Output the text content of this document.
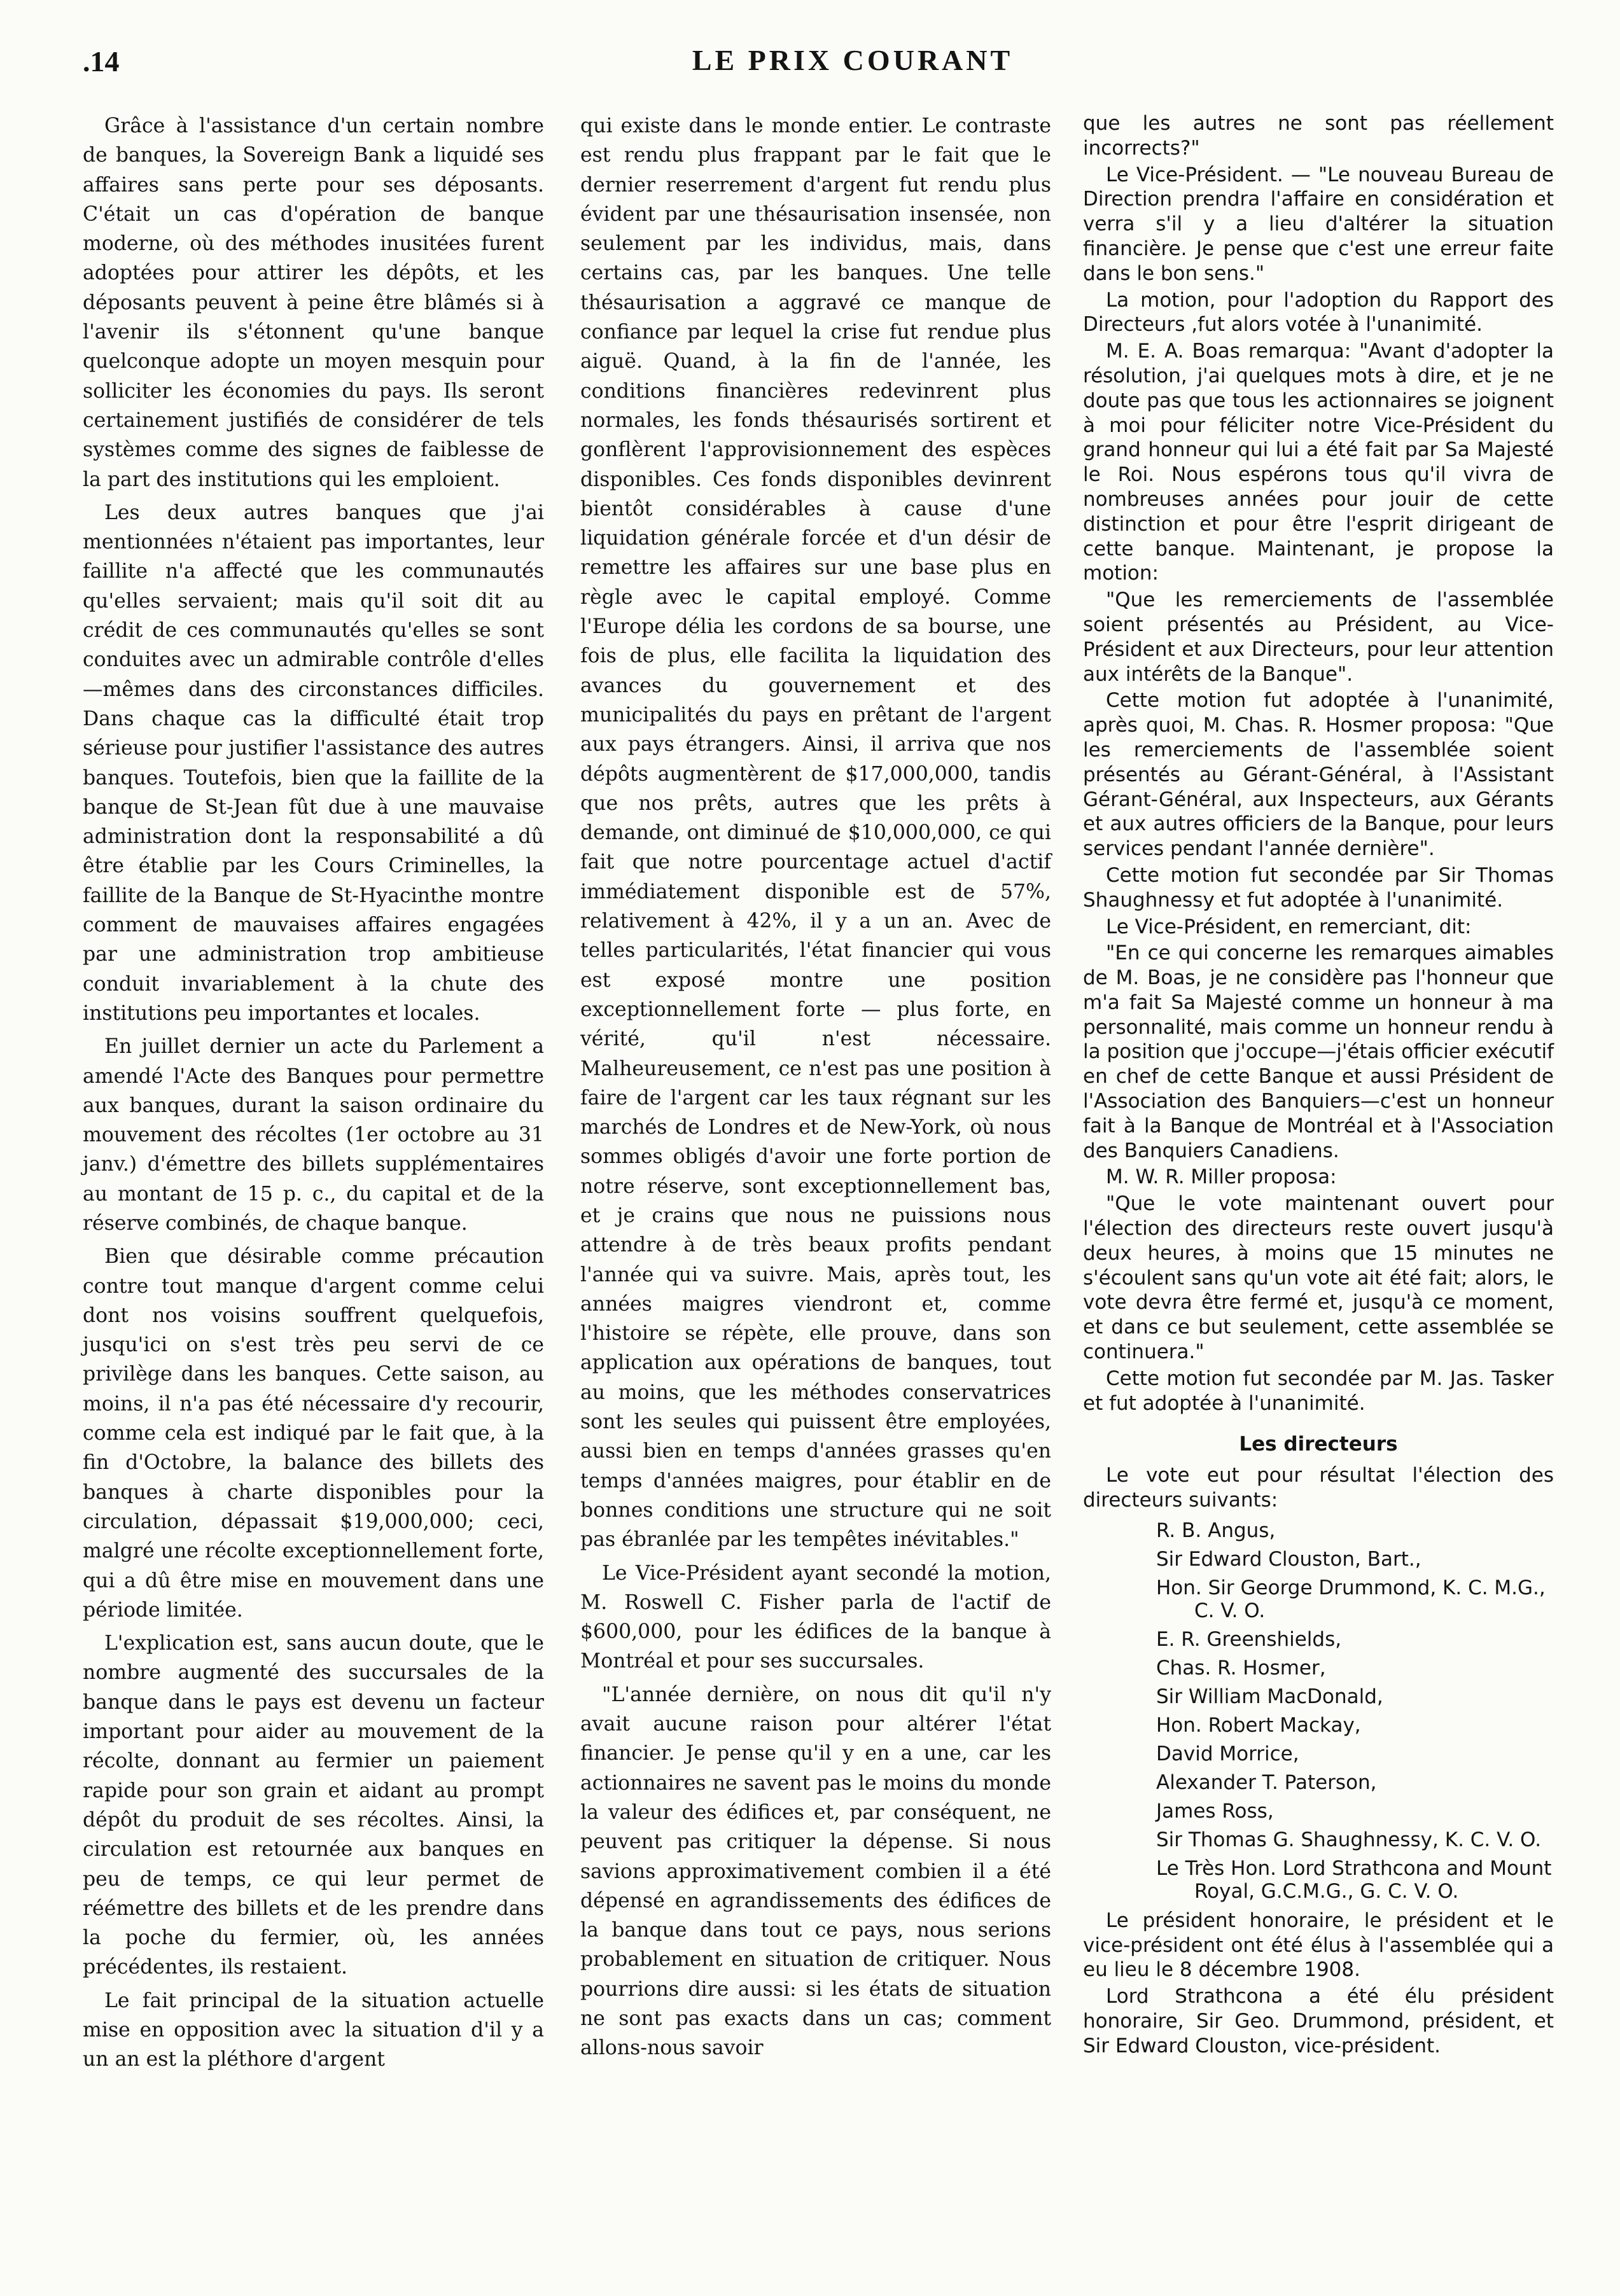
.14	LE PRIX COURANT

Grâce à l'assistance d'un certain nombre de banques, la Sovereign Bank a liquidé ses affaires sans perte pour ses déposants. C'était un cas d'opération de banque moderne, où des méthodes inusitées furent adoptées pour attirer les dépôts, et les déposants peuvent à peine être blâmés si à l'avenir ils s'étonnent qu'une banque quelconque adopte un moyen mesquin pour solliciter les économies du pays. Ils seront certainement justifiés de considérer de tels systèmes comme des signes de faiblesse de la part des institutions qui les emploient.

Les deux autres banques que j'ai mentionnées n'étaient pas importantes, leur faillite n'a affecté que les communautés qu'elles servaient; mais qu'il soit dit au crédit de ces communautés qu'elles se sont conduites avec un admirable contrôle d'elles—mêmes dans des circonstances difficiles. Dans chaque cas la difficulté était trop sérieuse pour justifier l'assistance des autres banques. Toutefois, bien que la faillite de la banque de St-Jean fût due à une mauvaise administration dont la responsabilité a dû être établie par les Cours Criminelles, la faillite de la Banque de St-Hyacinthe montre comment de mauvaises affaires engagées par une administration trop ambitieuse conduit invariablement à la chute des institutions peu importantes et locales.

En juillet dernier un acte du Parlement a amendé l'Acte des Banques pour permettre aux banques, durant la saison ordinaire du mouvement des récoltes (1er octobre au 31 janv.) d'émettre des billets supplémentaires au montant de 15 p. c., du capital et de la réserve combinés, de chaque banque.

Bien que désirable comme précaution contre tout manque d'argent comme celui dont nos voisins souffrent quelquefois, jusqu'ici on s'est très peu servi de ce privilège dans les banques. Cette saison, au moins, il n'a pas été nécessaire d'y recourir, comme cela est indiqué par le fait que, à la fin d'Octobre, la balance des billets des banques à charte disponibles pour la circulation, dépassait $19,000,000; ceci, malgré une récolte exceptionnellement forte, qui a dû être mise en mouvement dans une période limitée.

L'explication est, sans aucun doute, que le nombre augmenté des succursales de la banque dans le pays est devenu un facteur important pour aider au mouvement de la récolte, donnant au fermier un paiement rapide pour son grain et aidant au prompt dépôt du produit de ses récoltes. Ainsi, la circulation est retournée aux banques en peu de temps, ce qui leur permet de réémettre des billets et de les prendre dans la poche du fermier, où, les années précédentes, ils restaient.

Le fait principal de la situation actuelle mise en opposition avec la situation d'il y a un an est la pléthore d'argent

qui existe dans le monde entier. Le contraste est rendu plus frappant par le fait que le dernier reserrement d'argent fut rendu plus évident par une thésaurisation insensée, non seulement par les individus, mais, dans certains cas, par les banques. Une telle thésaurisation a aggravé ce manque de confiance par lequel la crise fut rendue plus aiguë. Quand, à la fin de l'année, les conditions financières redevinrent plus normales, les fonds thésaurisés sortirent et gonflèrent l'approvisionnement des espèces disponibles. Ces fonds disponibles devinrent bientôt considérables à cause d'une liquidation générale forcée et d'un désir de remettre les affaires sur une base plus en règle avec le capital employé. Comme l'Europe délia les cordons de sa bourse, une fois de plus, elle facilita la liquidation des avances du gouvernement et des municipalités du pays en prêtant de l'argent aux pays étrangers. Ainsi, il arriva que nos dépôts augmentèrent de $17,000,000, tandis que nos prêts, autres que les prêts à demande, ont diminué de $10,000,000, ce qui fait que notre pourcentage actuel d'actif immédiatement disponible est de 57%, relativement à 42%, il y a un an. Avec de telles particularités, l'état financier qui vous est exposé montre une position exceptionnellement forte — plus forte, en vérité, qu'il n'est nécessaire. Malheureusement, ce n'est pas une position à faire de l'argent car les taux régnant sur les marchés de Londres et de New-York, où nous sommes obligés d'avoir une forte portion de notre réserve, sont exceptionnellement bas, et je crains que nous ne puissions nous attendre à de très beaux profits pendant l'année qui va suivre. Mais, après tout, les années maigres viendront et, comme l'histoire se répète, elle prouve, dans son application aux opérations de banques, tout au moins, que les méthodes conservatrices sont les seules qui puissent être employées, aussi bien en temps d'années grasses qu'en temps d'années maigres, pour établir en de bonnes conditions une structure qui ne soit pas ébranlée par les tempêtes inévitables."

Le Vice-Président ayant secondé la motion, M. Roswell C. Fisher parla de l'actif de $600,000, pour les édifices de la banque à Montréal et pour ses succursales.

"L'année dernière, on nous dit qu'il n'y avait aucune raison pour altérer l'état financier. Je pense qu'il y en a une, car les actionnaires ne savent pas le moins du monde la valeur des édifices et, par conséquent, ne peuvent pas critiquer la dépense. Si nous savions approximativement combien il a été dépensé en agrandissements des édifices de la banque dans tout ce pays, nous serions probablement en situation de critiquer. Nous pourrions dire aussi: si les états de situation ne sont pas exacts dans un cas; comment allons-nous savoir

que les autres ne sont pas réellement incorrects?"

Le Vice-Président. — "Le nouveau Bureau de Direction prendra l'affaire en considération et verra s'il y a lieu d'altérer la situation financière. Je pense que c'est une erreur faite dans le bon sens."

La motion, pour l'adoption du Rapport des Directeurs ,fut alors votée à l'unanimité.

M. E. A. Boas remarqua: "Avant d'adopter la résolution, j'ai quelques mots à dire, et je ne doute pas que tous les actionnaires se joignent à moi pour féliciter notre Vice-Président du grand honneur qui lui a été fait par Sa Majesté le Roi. Nous espérons tous qu'il vivra de nombreuses années pour jouir de cette distinction et pour être l'esprit dirigeant de cette banque. Maintenant, je propose la motion:

"Que les remerciements de l'assemblée soient présentés au Président, au Vice-Président et aux Directeurs, pour leur attention aux intérêts de la Banque".

Cette motion fut adoptée à l'unanimité, après quoi, M. Chas. R. Hosmer proposa: "Que les remerciements de l'assemblée soient présentés au Gérant-Général, à l'Assistant Gérant-Général, aux Inspecteurs, aux Gérants et aux autres officiers de la Banque, pour leurs services pendant l'année dernière".

Cette motion fut secondée par Sir Thomas Shaughnessy et fut adoptée à l'unanimité.

Le Vice-Président, en remerciant, dit:

"En ce qui concerne les remarques aimables de M. Boas, je ne considère pas l'honneur que m'a fait Sa Majesté comme un honneur à ma personnalité, mais comme un honneur rendu à la position que j'occupe—j'étais officier exécutif en chef de cette Banque et aussi Président de l'Association des Banquiers—c'est un honneur fait à la Banque de Montréal et à l'Association des Banquiers Canadiens.

M. W. R. Miller proposa:

"Que le vote maintenant ouvert pour l'élection des directeurs reste ouvert jusqu'à deux heures, à moins que 15 minutes ne s'écoulent sans qu'un vote ait été fait; alors, le vote devra être fermé et, jusqu'à ce moment, et dans ce but seulement, cette assemblée se continuera."

Cette motion fut secondée par M. Jas. Tasker et fut adoptée à l'unanimité.

Les directeurs

Le vote eut pour résultat l'élection des directeurs suivants:

R. B. Angus,
Sir Edward Clouston, Bart.,
Hon. Sir George Drummond, K. C. M.G., C. V. O.
E. R. Greenshields,
Chas. R. Hosmer,
Sir William MacDonald,
Hon. Robert Mackay,
David Morrice,
Alexander T. Paterson,
James Ross,
Sir Thomas G. Shaughnessy, K. C. V. O.
Le Très Hon. Lord Strathcona and Mount Royal, G.C.M.G., G. C. V. O.

Le président honoraire, le président et le vice-président ont été élus à l'assemblée qui a eu lieu le 8 décembre 1908.

Lord Strathcona a été élu président honoraire, Sir Geo. Drummond, président, et Sir Edward Clouston, vice-président.
